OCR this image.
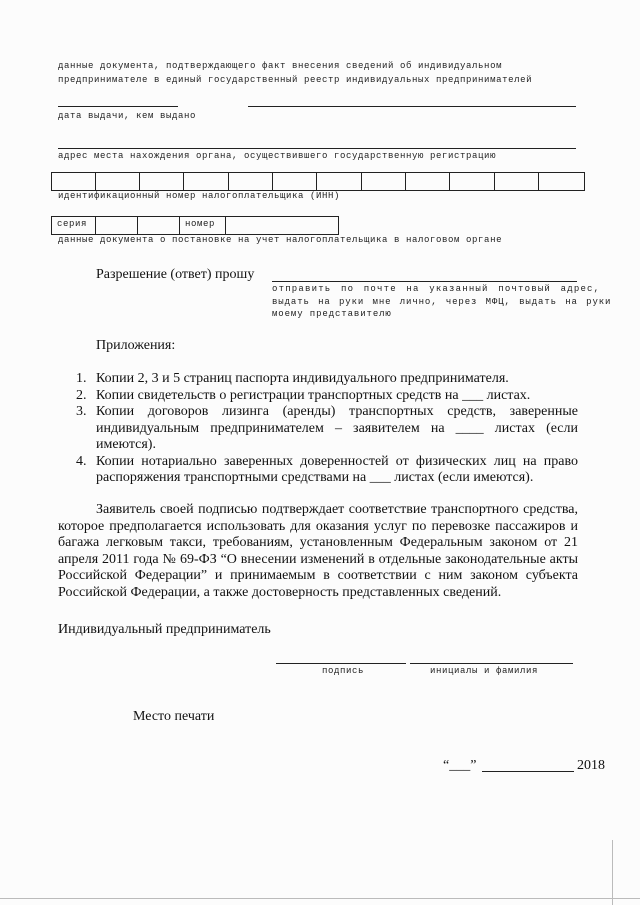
данные документа, подтверждающего факт внесения сведений об индивидуальном
предпринимателе в единый государственный реестр индивидуальных предпринимателей
дата выдачи, кем выдано
адрес места нахождения органа, осуществившего государственную регистрацию
идентификационный номер налогоплательщика (ИНН)
серия	номер
данные документа о постановке на учет налогоплательщика в налоговом органе
Разрешение (ответ) прошу
отправить по почте на указанный почтовый адрес,
выдать на руки мне лично, через МФЦ, выдать на руки
моему представителю
Приложения:
1. Копии 2, 3 и 5 страниц паспорта индивидуального предпринимателя.
2. Копии свидетельств о регистрации транспортных средств на ___ листах.
3. Копии договоров лизинга (аренды) транспортных средств, заверенные индивидуальным предпринимателем – заявителем на ____ листах (если имеются).
4. Копии нотариально заверенных доверенностей от физических лиц на право распоряжения транспортными средствами на ___ листах (если имеются).
Заявитель своей подписью подтверждает соответствие транспортного средства, которое предполагается использовать для оказания услуг по перевозке пассажиров и багажа легковым такси, требованиям, установленным Федеральным законом от 21 апреля 2011 года № 69-ФЗ “О внесении изменений в отдельные законодательные акты Российской Федерации” и принимаемым в соответствии с ним законом субъекта Российской Федерации, а также достоверность представленных сведений.
Индивидуальный предприниматель
подпись	инициалы и фамилия
Место печати
“___”	2018
